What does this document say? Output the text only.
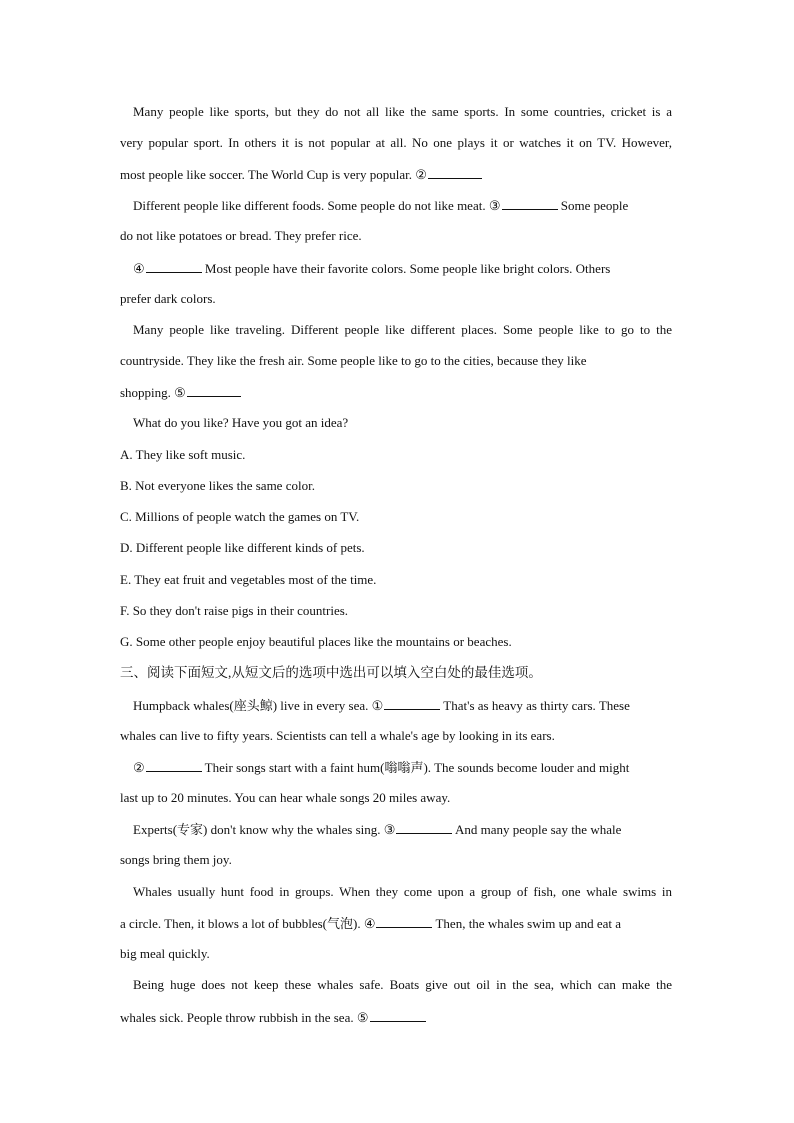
Many people like sports, but they do not all like the same sports. In some countries, cricket is a
very popular sport. In others it is not popular at all. No one plays it or watches it on TV. However,
most people like soccer. The World Cup is very popular. ②
Different people like different foods. Some people do not like meat. ③	Some people
do not like potatoes or bread. They prefer rice.
④	Most people have their favorite colors. Some people like bright colors. Others
prefer dark colors.
Many people like traveling. Different people like different places. Some people like to go to the
countryside. They like the fresh air. Some people like to go to the cities, because they like
shopping. ⑤
What do you like? Have you got an idea?
A. They like soft music.
B. Not everyone likes the same color.
C. Millions of people watch the games on TV.
D. Different people like different kinds of pets.
E. They eat fruit and vegetables most of the time.
F. So they don't raise pigs in their countries.
G. Some other people enjoy beautiful places like the mountains or beaches.
三、阅读下面短文,从短文后的选项中选出可以填入空白处的最佳选项。
Humpback whales(座头鲸) live in every sea. ①	That's as heavy as thirty cars. These
whales can live to fifty years. Scientists can tell a whale's age by looking in its ears.
②	Their songs start with a faint hum(嗡嗡声). The sounds become louder and might
last up to 20 minutes. You can hear whale songs 20 miles away.
Experts(专家) don't know why the whales sing. ③	And many people say the whale
songs bring them joy.
Whales usually hunt food in groups. When they come upon a group of fish, one whale swims in
a circle. Then, it blows a lot of bubbles(气泡). ④	Then, the whales swim up and eat a
big meal quickly.
Being huge does not keep these whales safe. Boats give out oil in the sea, which can make the
whales sick. People throw rubbish in the sea. ⑤
